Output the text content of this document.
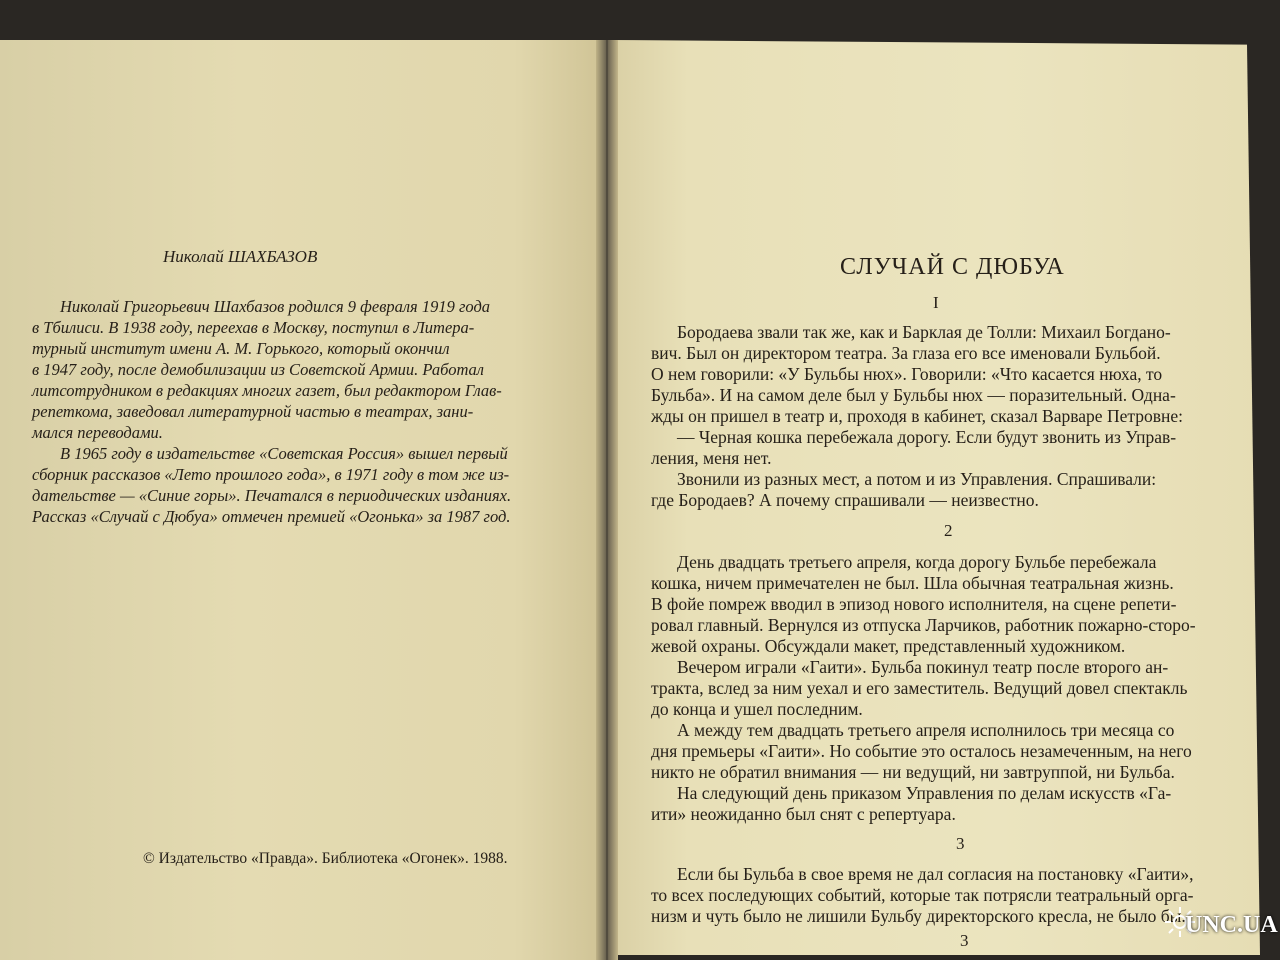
Николай ШАХБАЗОВ
Николай Григорьевич Шахбазов родился 9 февраля 1919 года
в Тбилиси. В 1938 году, переехав в Москву, поступил в Литера-
турный институт имени А. М. Горького, который окончил
в 1947 году, после демобилизации из Советской Армии. Работал
литсотрудником в редакциях многих газет, был редактором Глав-
репеткома, заведовал литературной частью в театрах, зани-
мался переводами.
В 1965 году в издательстве «Советская Россия» вышел первый
сборник рассказов «Лето прошлого года», в 1971 году в том же из-
дательстве — «Синие горы». Печатался в периодических изданиях.
Рассказ «Случай с Дюбуа» отмечен премией «Огонька» за 1987 год.
© Издательство «Правда». Библиотека «Огонек». 1988.
СЛУЧАЙ С ДЮБУА
I
Бородаева звали так же, как и Барклая де Толли: Михаил Богдано-
вич. Был он директором театра. За глаза его все именовали Бульбой.
О нем говорили: «У Бульбы нюх». Говорили: «Что касается нюха, то
Бульба». И на самом деле был у Бульбы нюх — поразительный. Одна-
жды он пришел в театр и, проходя в кабинет, сказал Варваре Петровне:
— Черная кошка перебежала дорогу. Если будут звонить из Управ-
ления, меня нет.
Звонили из разных мест, а потом и из Управления. Спрашивали:
где Бородаев? А почему спрашивали — неизвестно.
2
День двадцать третьего апреля, когда дорогу Бульбе перебежала
кошка, ничем примечателен не был. Шла обычная театральная жизнь.
В фойе помреж вводил в эпизод нового исполнителя, на сцене репети-
ровал главный. Вернулся из отпуска Ларчиков, работник пожарно-сторо-
жевой охраны. Обсуждали макет, представленный художником.
Вечером играли «Гаити». Бульба покинул театр после второго ан-
тракта, вслед за ним уехал и его заместитель. Ведущий довел спектакль
до конца и ушел последним.
А между тем двадцать третьего апреля исполнилось три месяца со
дня премьеры «Гаити». Но событие это осталось незамеченным, на него
никто не обратил внимания — ни ведущий, ни завтруппой, ни Бульба.
На следующий день приказом Управления по делам искусств «Га-
ити» неожиданно был снят с репертуара.
3
Если бы Бульба в свое время не дал согласия на постановку «Гаити»,
то всех последующих событий, которые так потрясли театральный орга-
низм и чуть было не лишили Бульбу директорского кресла, не было бы.
3
UNC.UA
